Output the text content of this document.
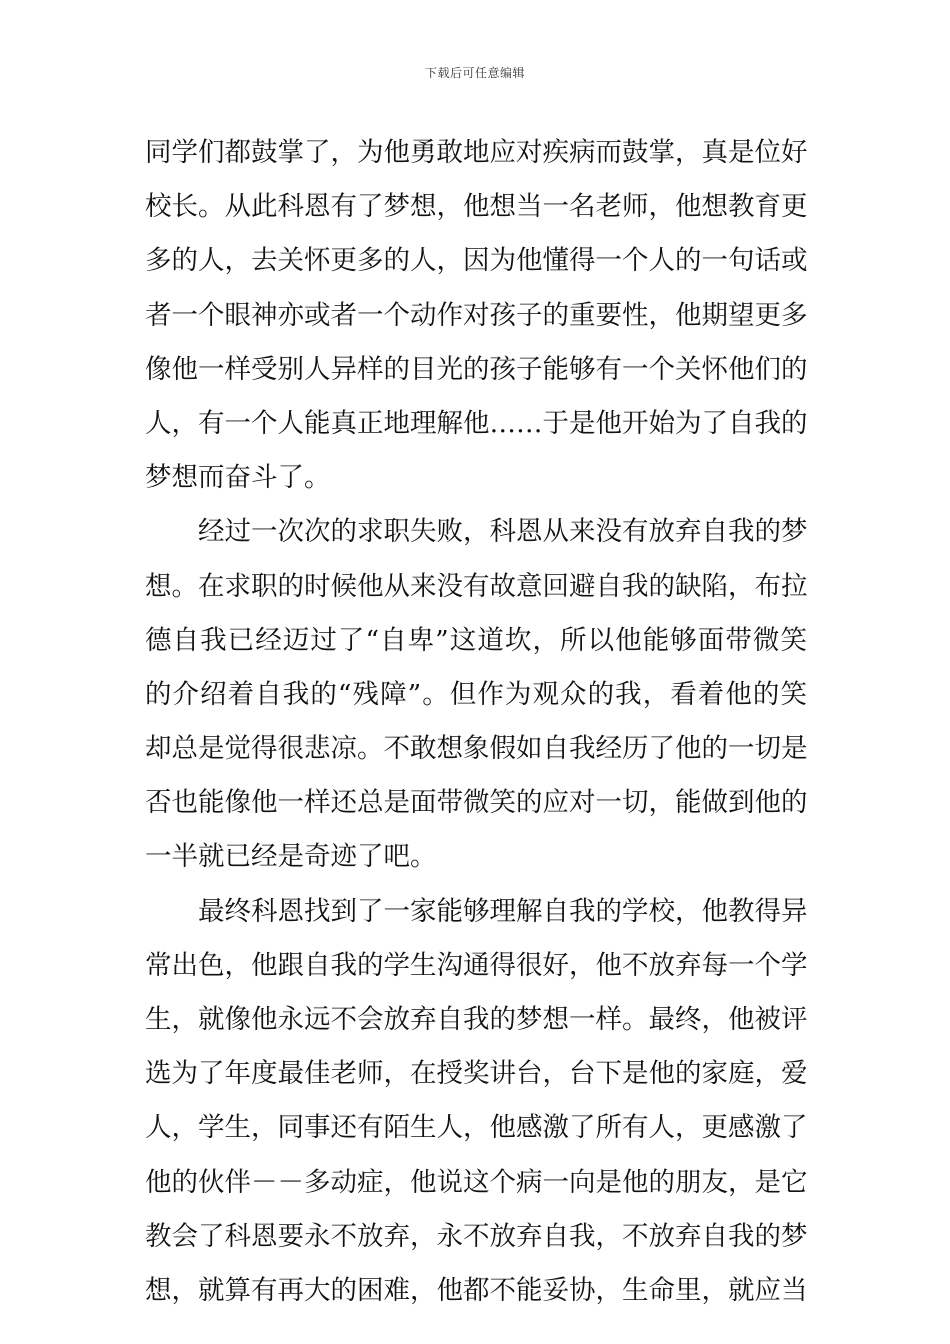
下载后可任意编辑
同学们都鼓掌了，为他勇敢地应对疾病而鼓掌，真是位好
校长。从此科恩有了梦想，他想当一名老师，他想教育更
多的人，去关怀更多的人，因为他懂得一个人的一句话或
者一个眼神亦或者一个动作对孩子的重要性，他期望更多
像他一样受别人异样的目光的孩子能够有一个关怀他们的
人，有一个人能真正地理解他……于是他开始为了自我的
梦想而奋斗了。
　　经过一次次的求职失败，科恩从来没有放弃自我的梦
想。在求职的时候他从来没有故意回避自我的缺陷，布拉
德自我已经迈过了“自卑”这道坎，所以他能够面带微笑
的介绍着自我的“残障”。但作为观众的我，看着他的笑
却总是觉得很悲凉。不敢想象假如自我经历了他的一切是
否也能像他一样还总是面带微笑的应对一切，能做到他的
一半就已经是奇迹了吧。
　　最终科恩找到了一家能够理解自我的学校，他教得异
常出色，他跟自我的学生沟通得很好，他不放弃每一个学
生，就像他永远不会放弃自我的梦想一样。最终，他被评
选为了年度最佳老师，在授奖讲台，台下是他的家庭，爱
人，学生，同事还有陌生人，他感激了所有人，更感激了
他的伙伴－－多动症，他说这个病一向是他的朋友，是它
教会了科恩要永不放弃，永不放弃自我，不放弃自我的梦
想，就算有再大的困难，他都不能妥协，生命里，就应当
